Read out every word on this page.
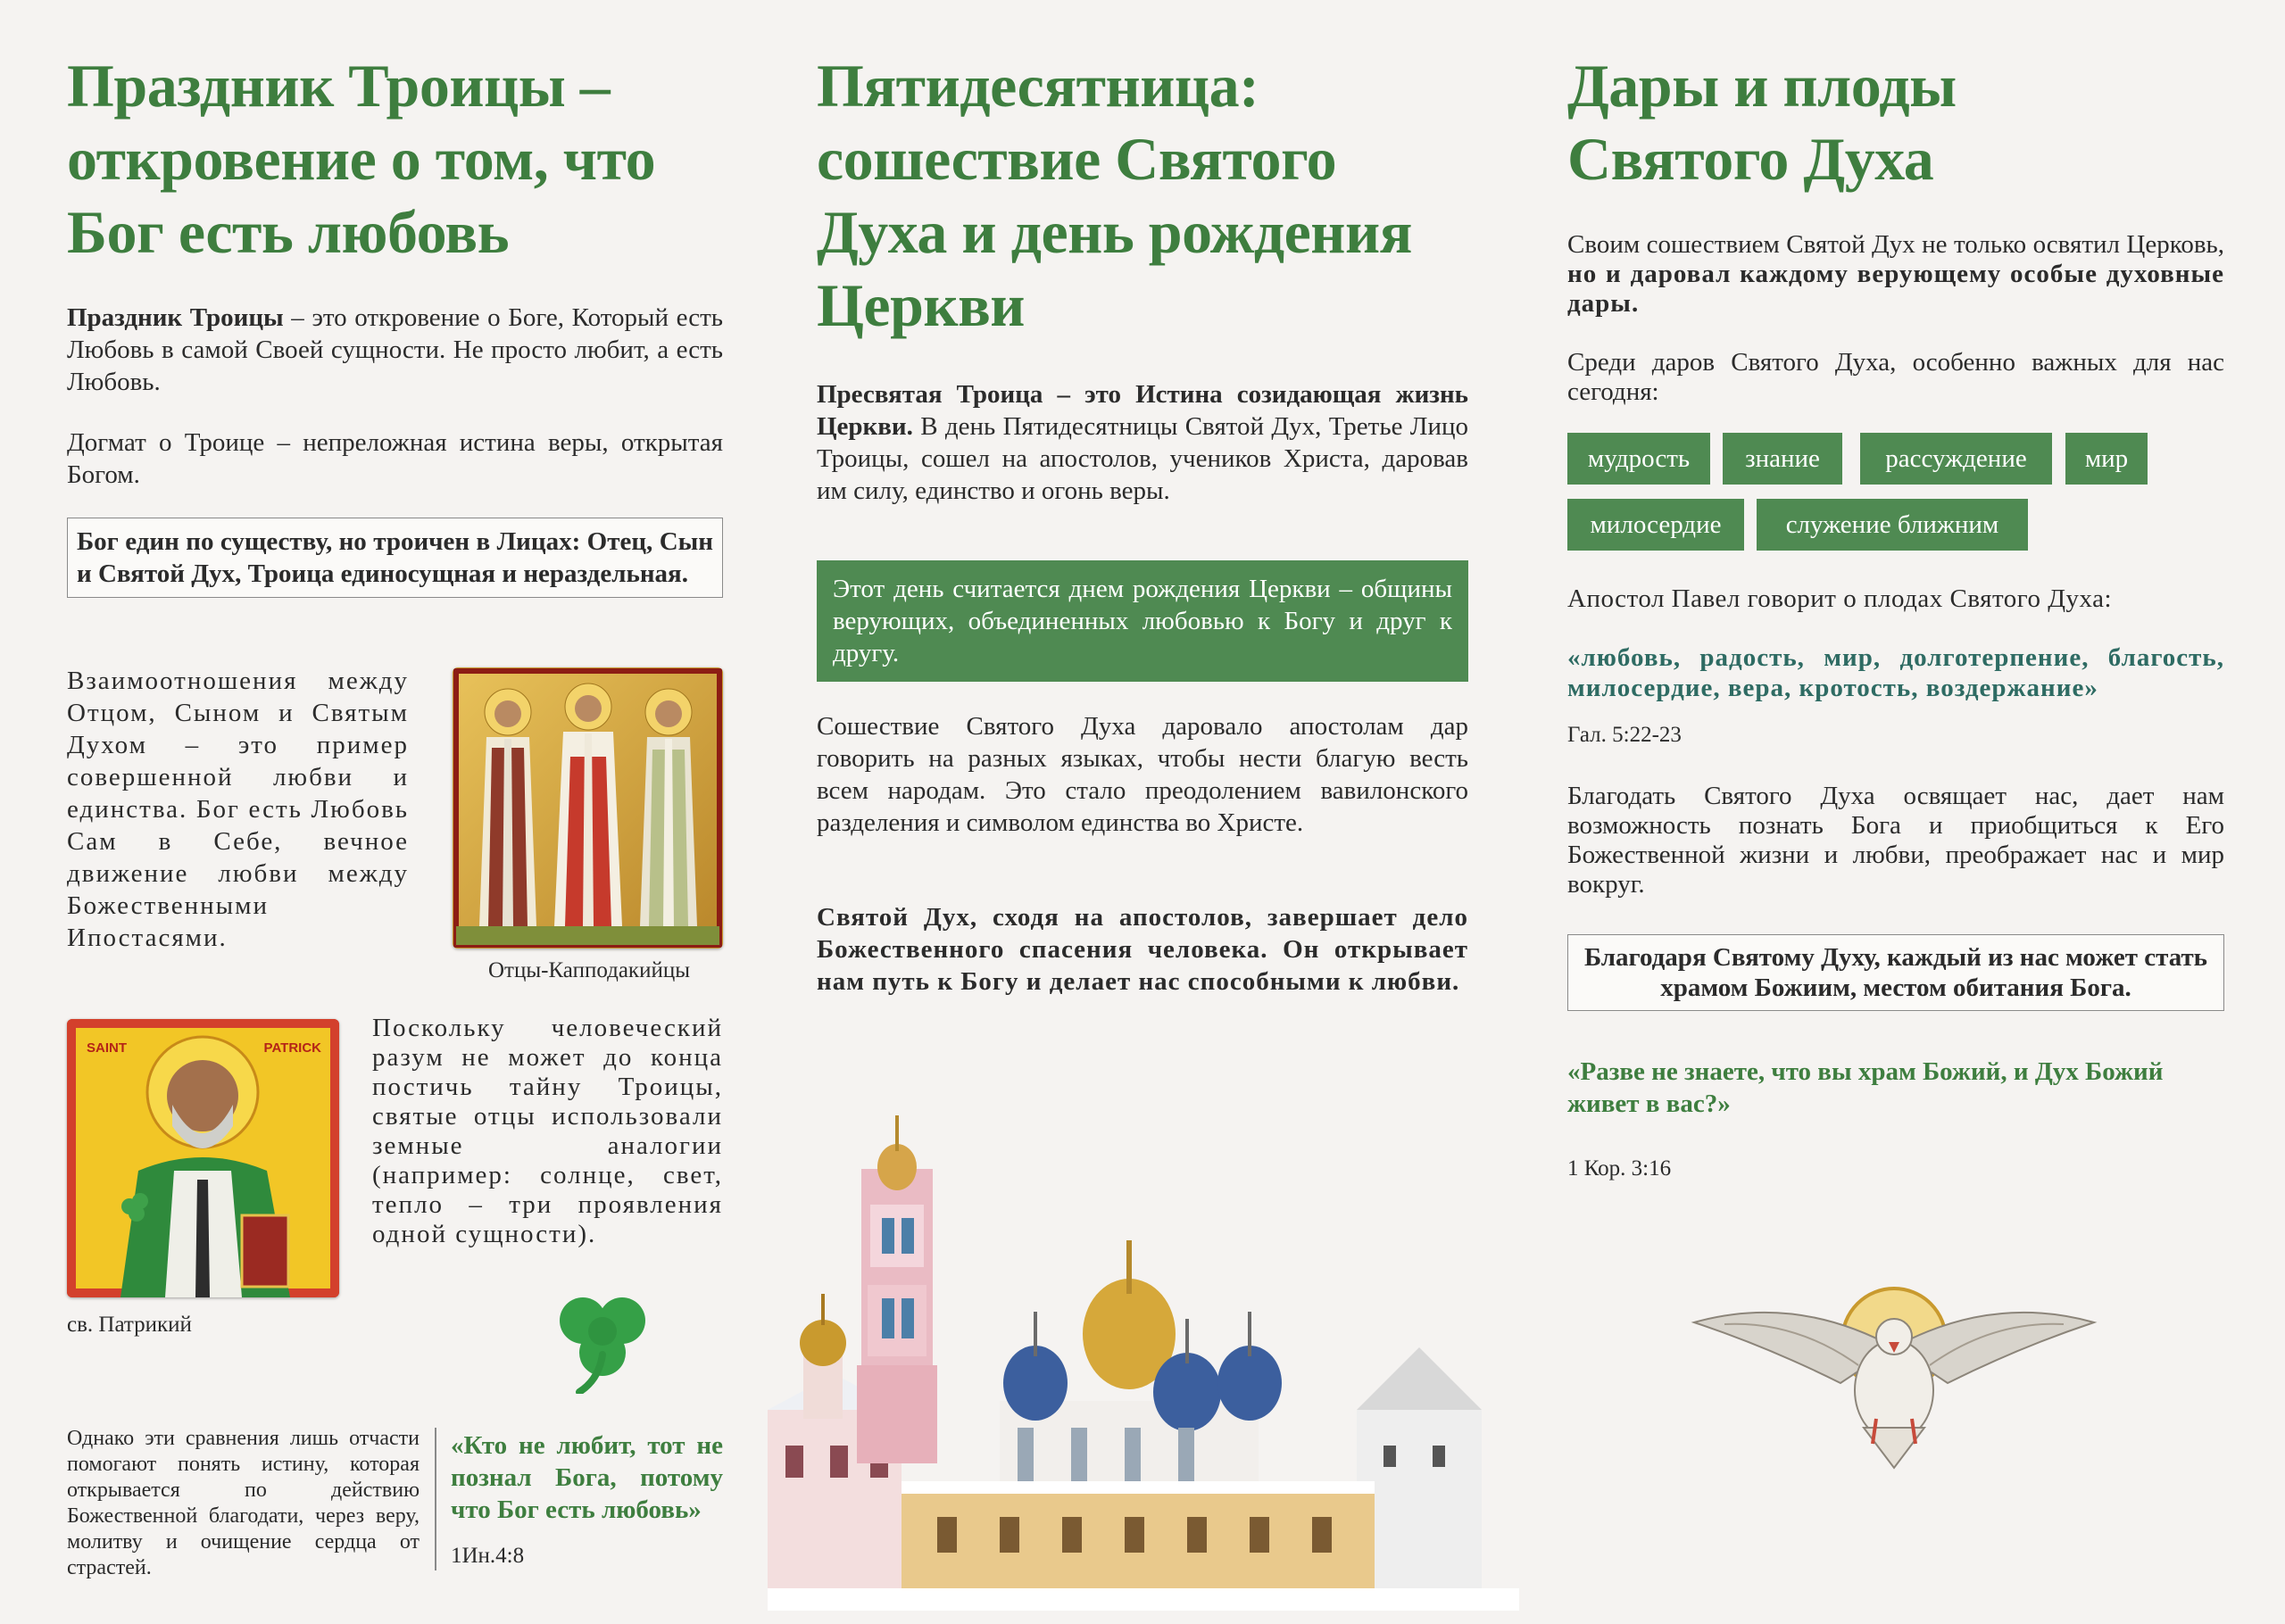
Праздник Троицы –
откровение о том, что
Бог есть любовь

Праздник Троицы – это откровение о Боге, Который есть Любовь в самой Своей сущности. Не просто любит, а есть Любовь.

Догмат о Троице – непреложная истина веры, открытая Богом.

Бог един по существу, но троичен в Лицах: Отец, Сын и Святой Дух, Троица единосущная и нераздельная.

Взаимоотношения между Отцом, Сыном и Святым Духом – это пример совершенной любви и единства. Бог есть Любовь Сам в Себе, вечное движение любви между Божественными Ипостасями.

Отцы-Капподакийцы
SAINT	PATRICK
св. Патрикий

Поскольку человеческий разум не может до конца постичь тайну Троицы, святые отцы использовали земные аналогии (например: солнце, свет, тепло – три проявления одной сущности).

Однако эти сравнения лишь отчасти помогают понять истину, которая открывается по действию Божественной благодати, через веру, молитву и очищение сердца от страстей.

«Кто не любит, тот не познал Бога, потому что Бог есть любовь»

1Ин.4:8
Пятидесятница:
сошествие Святого
Духа и день рождения
Церкви

Пресвятая Троица – это Истина созидающая жизнь Церкви. В день Пятидесятницы Святой Дух, Третье Лицо Троицы, сошел на апостолов, учеников Христа, даровав им силу, единство и огонь веры.

Этот день считается днем рождения Церкви – общины верующих, объединенных любовью к Богу и друг к другу.

Сошествие Святого Духа даровало апостолам дар говорить на разных языках, чтобы нести благую весть всем народам. Это стало преодолением вавилонского разделения и символом единства во Христе.

Святой Дух, сходя на апостолов, завершает дело Божественного спасения человека. Он открывает нам путь к Богу и делает нас способными к любви.

Дары и плоды
Святого Духа

Своим сошествием Святой Дух не только освятил Церковь, но и даровал каждому верующему особые духовные дары.

Среди даров Святого Духа, особенно важных для нас сегодня:

мудрость	знание	рассуждение	мир
милосердие	служение ближним

Апостол Павел говорит о плодах Святого Духа:

«любовь, радость, мир, долготерпение, благость, милосердие, вера, кротость, воздержание»

Гал. 5:22-23

Благодать Святого Духа освящает нас, дает нам возможность познать Бога и приобщиться к Его Божественной жизни и любви, преображает нас и мир вокруг.

Благодаря Святому Духу, каждый из нас может стать храмом Божиим, местом обитания Бога.

«Разве не знаете, что вы храм Божий, и Дух Божий живет в вас?»

1 Кор. 3:16
